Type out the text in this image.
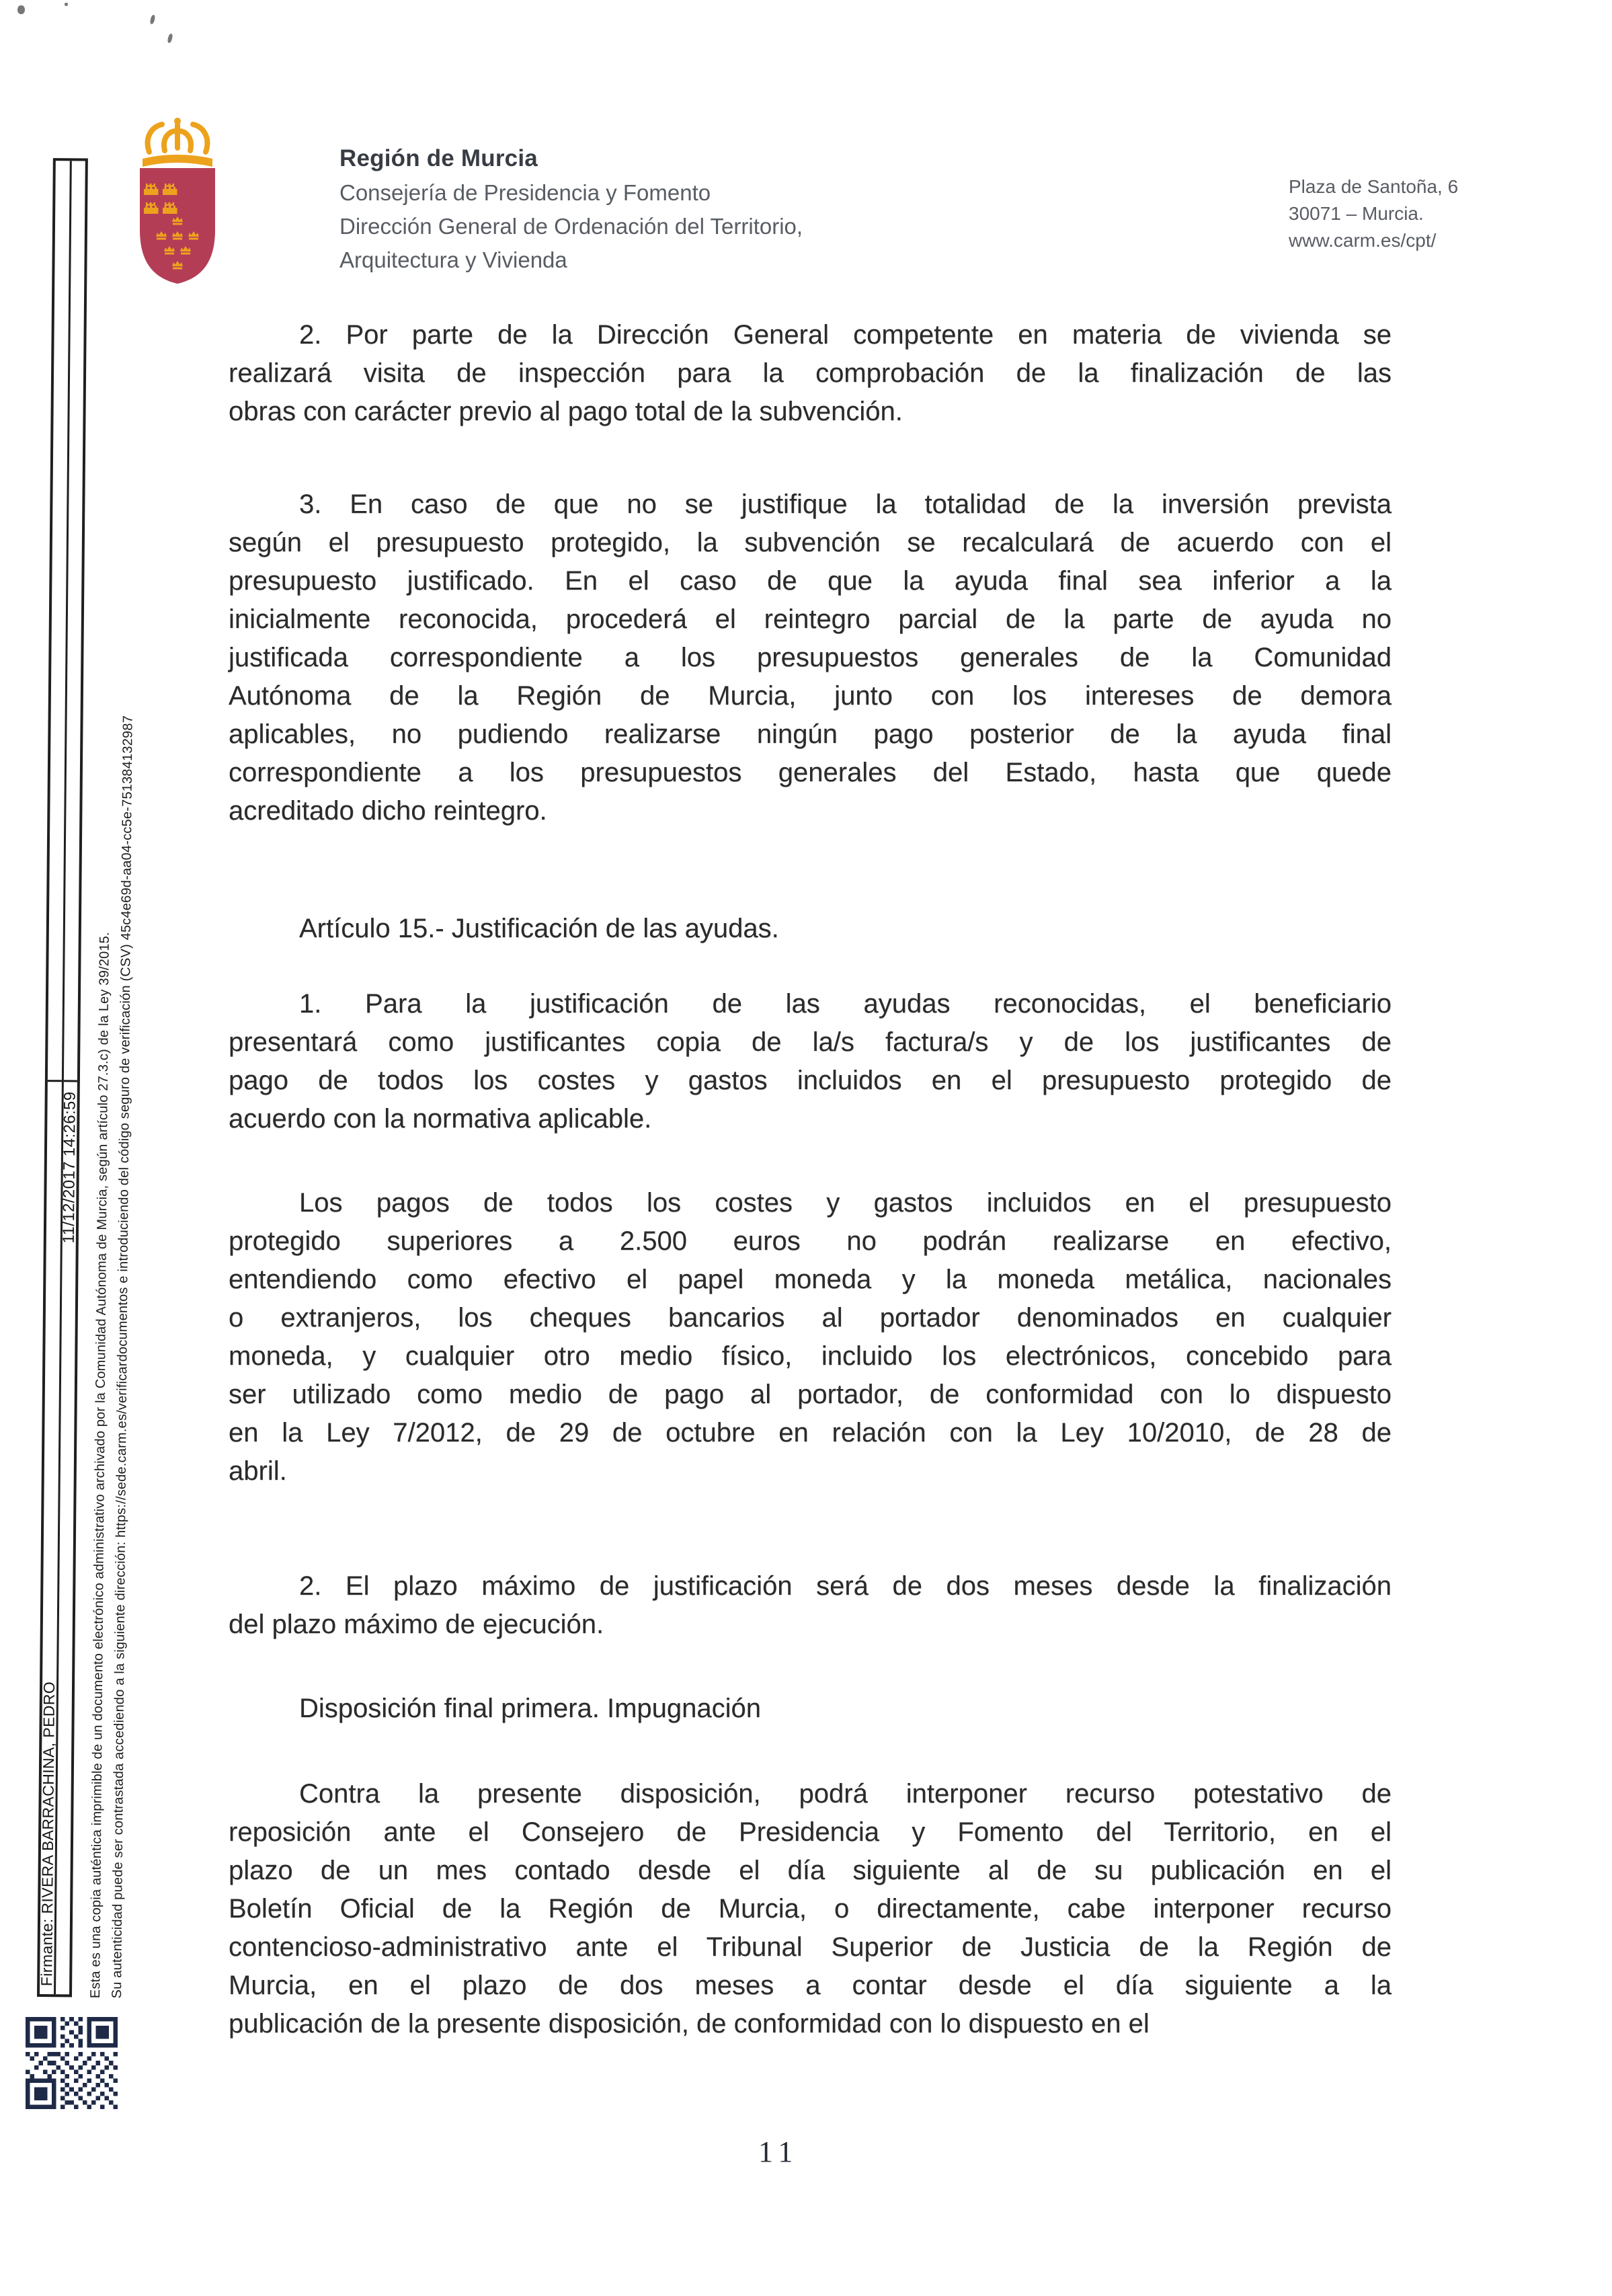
Región de Murcia
Consejería de Presidencia y Fomento
Dirección General de Ordenación del Territorio,
Arquitectura y Vivienda
Plaza de Santoña, 6
30071 – Murcia.
www.carm.es/cpt/
2. Por parte de la Dirección General competente en materia de vivienda se
realizará visita de inspección para la comprobación de la finalización de las
obras con carácter previo al pago total de la subvención.
3. En caso de que no se justifique la totalidad de la inversión prevista
según el presupuesto protegido, la subvención se recalculará de acuerdo con el
presupuesto justificado. En el caso de que la ayuda final sea inferior a la
inicialmente reconocida, procederá el reintegro parcial de la parte de ayuda no
justificada correspondiente a los presupuestos generales de la Comunidad
Autónoma de la Región de Murcia, junto con los intereses de demora
aplicables, no pudiendo realizarse ningún pago posterior de la ayuda final
correspondiente a los presupuestos generales del Estado, hasta que quede
acreditado dicho reintegro.
Artículo 15.- Justificación de las ayudas.
1. Para la justificación de las ayudas reconocidas, el beneficiario
presentará como justificantes copia de la/s factura/s y de los justificantes de
pago de todos los costes y gastos incluidos en el presupuesto protegido de
acuerdo con la normativa aplicable.
Los pagos de todos los costes y gastos incluidos en el presupuesto
protegido superiores a 2.500 euros no podrán realizarse en efectivo,
entendiendo como efectivo el papel moneda y la moneda metálica, nacionales
o extranjeros, los cheques bancarios al portador denominados en cualquier
moneda, y cualquier otro medio físico, incluido los electrónicos, concebido para
ser utilizado como medio de pago al portador, de conformidad con lo dispuesto
en la Ley 7/2012, de 29 de octubre en relación con la Ley 10/2010, de 28 de
abril.
2. El plazo máximo de justificación será de dos meses desde la finalización
del plazo máximo de ejecución.
Disposición final primera. Impugnación
Contra la presente disposición, podrá interponer recurso potestativo de
reposición ante el Consejero de Presidencia y Fomento del Territorio, en el
plazo de un mes contado desde el día siguiente al de su publicación en el
Boletín Oficial de la Región de Murcia, o directamente, cabe interponer recurso
contencioso-administrativo ante el Tribunal Superior de Justicia de la Región de
Murcia, en el plazo de dos meses a contar desde el día siguiente a la
publicación de la presente disposición, de conformidad con lo dispuesto en el
11
Firmante: RIVERA BARRACHINA, PEDRO
11/12/2017 14:26:59 Esta es una copia auténtica imprimible de un documento electrónico administrativo archivado por la Comunidad Autónoma de Murcia, según artículo 27.3.c) de la Ley 39/2015.
Su autenticidad puede ser contrastada accediendo a la siguiente dirección: https://sede.carm.es/verificardocumentos e introduciendo del código seguro de verificación (CSV) 45c4e69d-aa04-cc5e-751384132987
